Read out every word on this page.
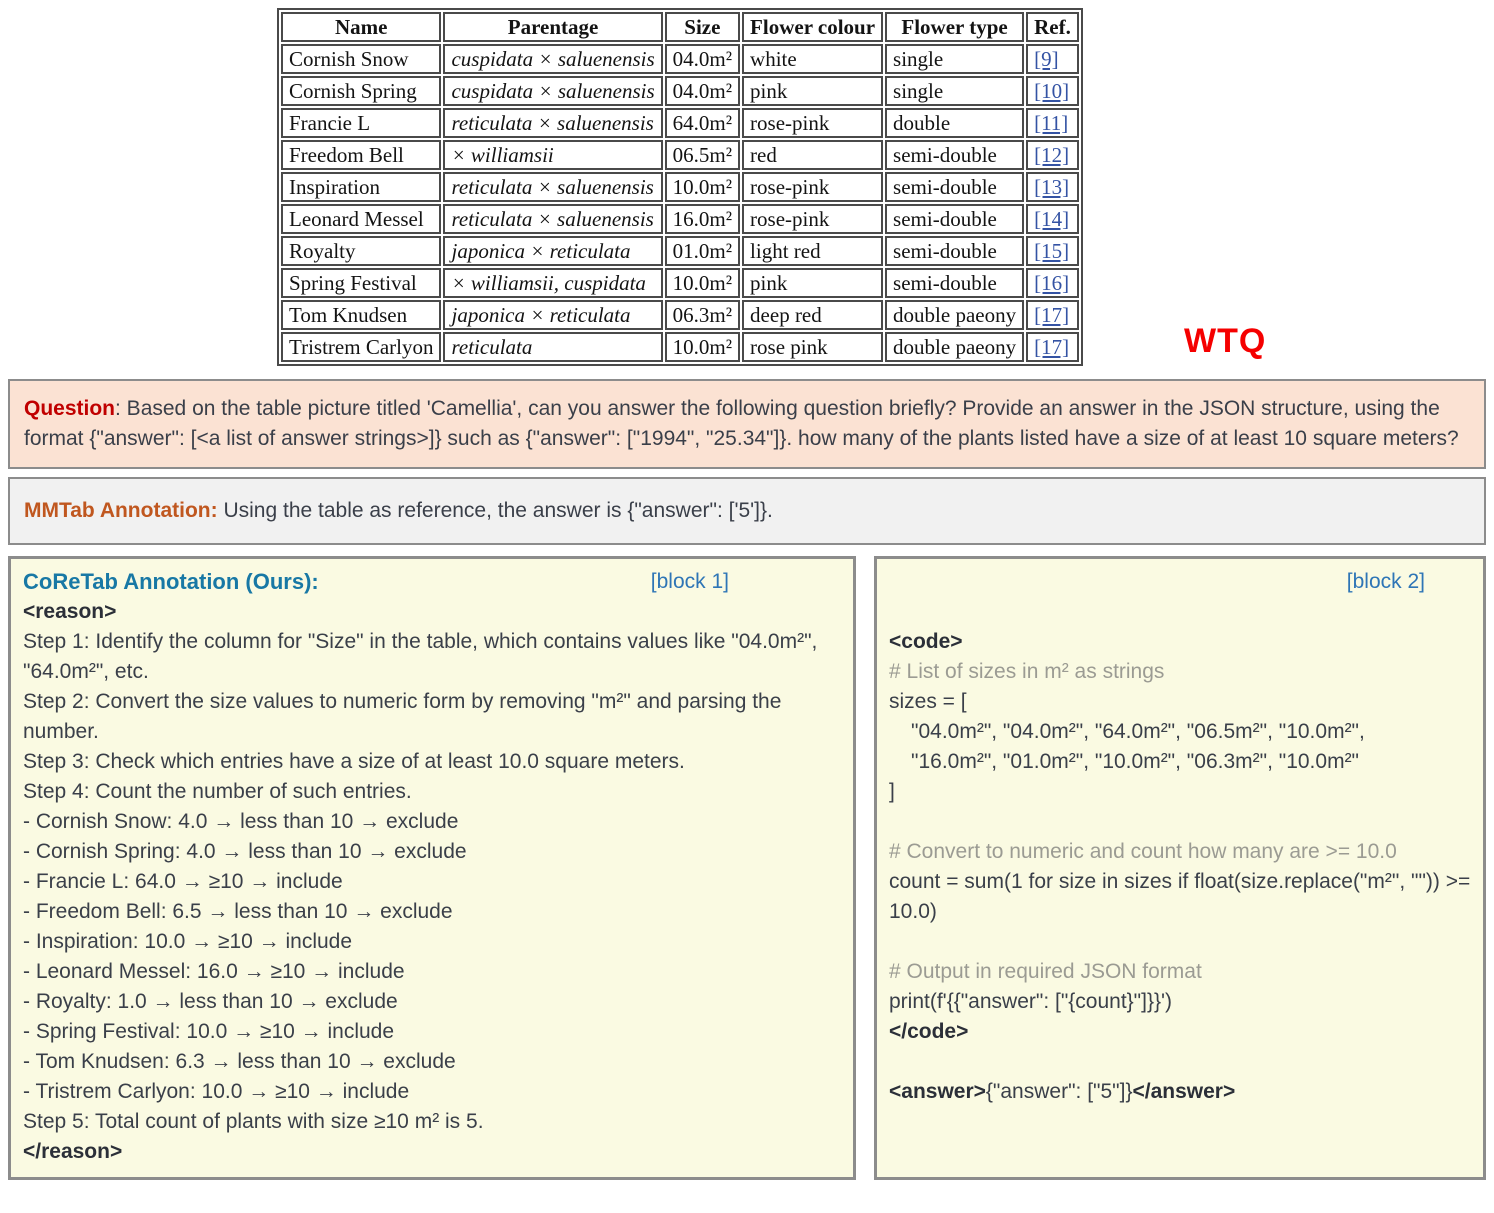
Name	Parentage	Size	Flower colour	Flower type	Ref.
Cornish Snow	cuspidata × saluenensis	04.0m²	white	single	[9]
Cornish Spring	cuspidata × saluenensis	04.0m²	pink	single	[10]
Francie L	reticulata × saluenensis	64.0m²	rose-pink	double	[11]
Freedom Bell	× williamsii	06.5m²	red	semi-double	[12]
Inspiration	reticulata × saluenensis	10.0m²	rose-pink	semi-double	[13]
Leonard Messel	reticulata × saluenensis	16.0m²	rose-pink	semi-double	[14]
Royalty	japonica × reticulata	01.0m²	light red	semi-double	[15]
Spring Festival	× williamsii, cuspidata	10.0m²	pink	semi-double	[16]
Tom Knudsen	japonica × reticulata	06.3m²	deep red	double paeony	[17]
Tristrem Carlyon	reticulata	10.0m²	rose pink	double paeony	[17]	WTQ
Question: Based on the table picture titled 'Camellia', can you answer the following question briefly? Provide an answer in the JSON structure, using the format {"answer": [<a list of answer strings>]} such as {"answer": ["1994", "25.34"]}. how many of the plants listed have a size of at least 10 square meters?
MMTab Annotation: Using the table as reference, the answer is {"answer": ['5']}.
CoReTab Annotation (Ours):	[block 1]
<reason>
Step 1: Identify the column for "Size" in the table, which contains values like "04.0m²", "64.0m²", etc.
Step 2: Convert the size values to numeric form by removing "m²" and parsing the number.
Step 3: Check which entries have a size of at least 10.0 square meters.
Step 4: Count the number of such entries.
- Cornish Snow: 4.0 → less than 10 → exclude
- Cornish Spring: 4.0 → less than 10 → exclude
- Francie L: 64.0 → ≥10 → include
- Freedom Bell: 6.5 → less than 10 → exclude
- Inspiration: 10.0 → ≥10 → include
- Leonard Messel: 16.0 → ≥10 → include
- Royalty: 1.0 → less than 10 → exclude
- Spring Festival: 10.0 → ≥10 → include
- Tom Knudsen: 6.3 → less than 10 → exclude
- Tristrem Carlyon: 10.0 → ≥10 → include
Step 5: Total count of plants with size ≥10 m² is 5.
</reason>
[block 2]
<code>
# List of sizes in m² as strings
sizes = [
"04.0m²", "04.0m²", "64.0m²", "06.5m²", "10.0m²",
"16.0m²", "01.0m²", "10.0m²", "06.3m²", "10.0m²"
]
# Convert to numeric and count how many are >= 10.0
count = sum(1 for size in sizes if float(size.replace("m²", "")) >= 10.0)
# Output in required JSON format
print(f'{{"answer": ["{count}"]}}')
</code>
<answer>{"answer": ["5"]}</answer>
